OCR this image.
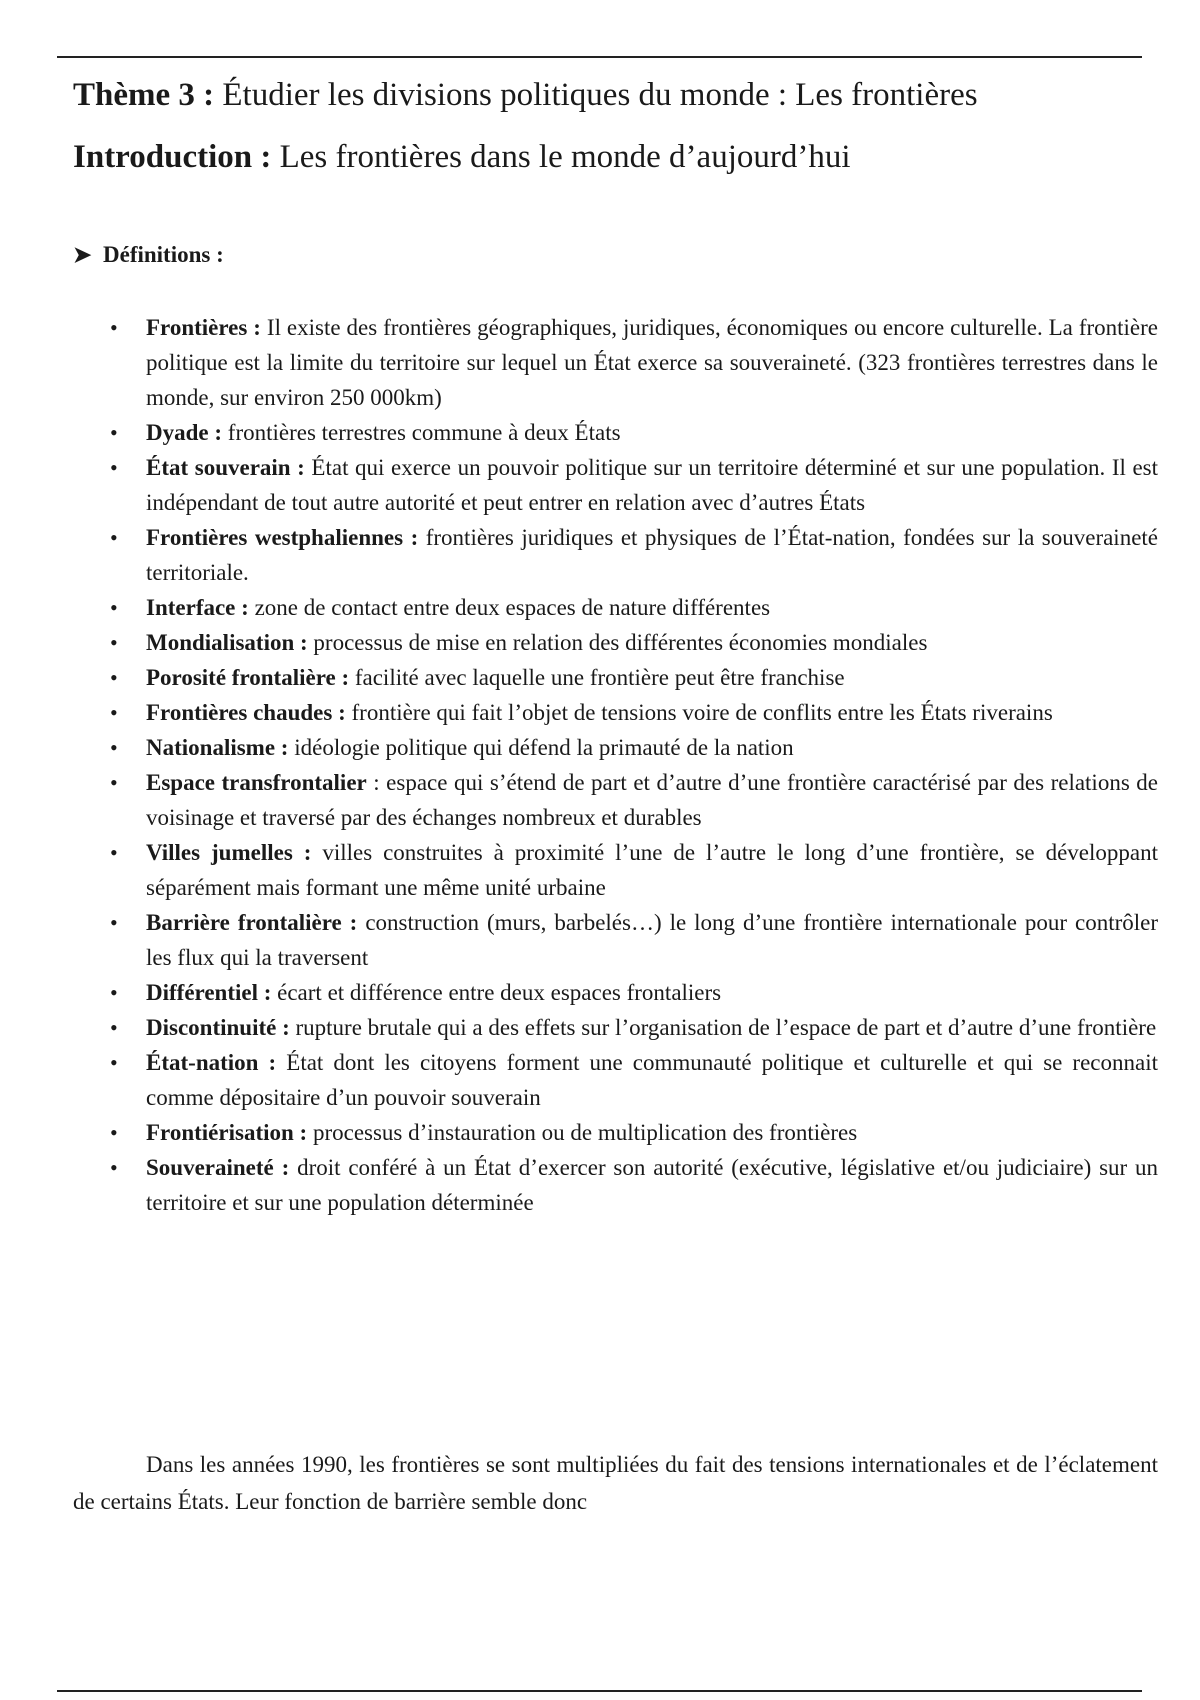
Thème 3 : Étudier les divisions politiques du monde : Les frontières
Introduction : Les frontières dans le monde d’aujourd’hui
➤ Définitions :
• Frontières : Il existe des frontières géographiques, juridiques, économiques ou encore culturelle. La frontière politique est la limite du territoire sur lequel un État exerce sa souveraineté. (323 frontières terrestres dans le monde, sur environ 250 000km)
• Dyade : frontières terrestres commune à deux États
• État souverain : État qui exerce un pouvoir politique sur un territoire déterminé et sur une population. Il est indépendant de tout autre autorité et peut entrer en relation avec d’autres États
• Frontières westphaliennes : frontières juridiques et physiques de l’État-nation, fondées sur la souveraineté territoriale.
• Interface : zone de contact entre deux espaces de nature différentes
• Mondialisation : processus de mise en relation des différentes économies mondiales
• Porosité frontalière : facilité avec laquelle une frontière peut être franchise
• Frontières chaudes : frontière qui fait l’objet de tensions voire de conflits entre les États riverains
• Nationalisme : idéologie politique qui défend la primauté de la nation
• Espace transfrontalier : espace qui s’étend de part et d’autre d’une frontière caractérisé par des relations de voisinage et traversé par des échanges nombreux et durables
• Villes jumelles : villes construites à proximité l’une de l’autre le long d’une frontière, se développant séparément mais formant une même unité urbaine
• Barrière frontalière : construction (murs, barbelés…) le long d’une frontière internationale pour contrôler les flux qui la traversent
• Différentiel : écart et différence entre deux espaces frontaliers
• Discontinuité : rupture brutale qui a des effets sur l’organisation de l’espace de part et d’autre d’une frontière
• État-nation : État dont les citoyens forment une communauté politique et culturelle et qui se reconnait comme dépositaire d’un pouvoir souverain
• Frontiérisation : processus d’instauration ou de multiplication des frontières
• Souveraineté : droit conféré à un État d’exercer son autorité (exécutive, législative et/ou judiciaire) sur un territoire et sur une population déterminée

Dans les années 1990, les frontières se sont multipliées du fait des tensions internationales et de l’éclatement de certains États. Leur fonction de barrière semble donc
